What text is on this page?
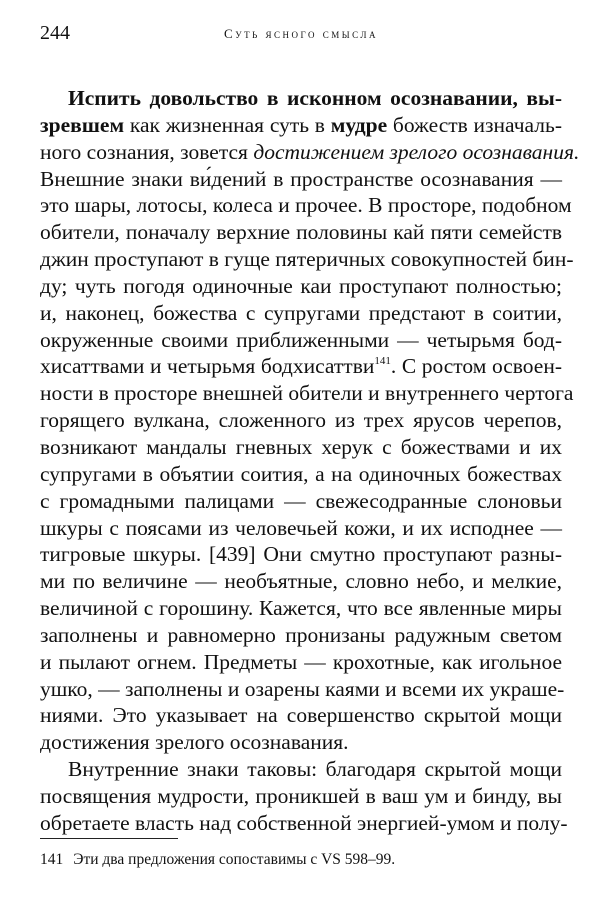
244	Суть ясного смысла
Испить довольство в исконном осознавании, вы-
зревшем как жизненная суть в мудре божеств изначаль-
ного сознания, зовется достижением зрелого осознавания.
Внешние знаки ви́дений в пространстве осознавания —
это шары, лотосы, колеса и прочее. В просторе, подобном
обители, поначалу верхние половины кай пяти семейств
джин проступают в гуще пятеричных совокупностей бин-
ду; чуть погодя одиночные каи проступают полностью;
и, наконец, божества с супругами предстают в соитии,
окруженные своими приближенными — четырьмя бод-
хисаттвами и четырьмя бодхисаттви$^{141}$. С ростом освоен-
ности в просторе внешней обители и внутреннего чертога
горящего вулкана, сложенного из трех ярусов черепов,
возникают мандалы гневных херук с божествами и их
супругами в объятии соития, а на одиночных божествах
с громадными палицами — свежесодранные слоновьи
шкуры с поясами из человечьей кожи, и их исподнее —
тигровые шкуры. [439] Они смутно проступают разны-
ми по величине — необъятные, словно небо, и мелкие,
величиной с горошину. Кажется, что все явленные миры
заполнены и равномерно пронизаны радужным светом
и пылают огнем. Предметы — крохотные, как игольное
ушко, — заполнены и озарены каями и всеми их украше-
ниями. Это указывает на совершенство скрытой мощи
достижения зрелого осознавания.
Внутренние знаки таковы: благодаря скрытой мощи
посвящения мудрости, проникшей в ваш ум и бинду, вы
обретаете власть над собственной энергией-умом и полу-
141 Эти два предложения сопоставимы с VS 598–99.
